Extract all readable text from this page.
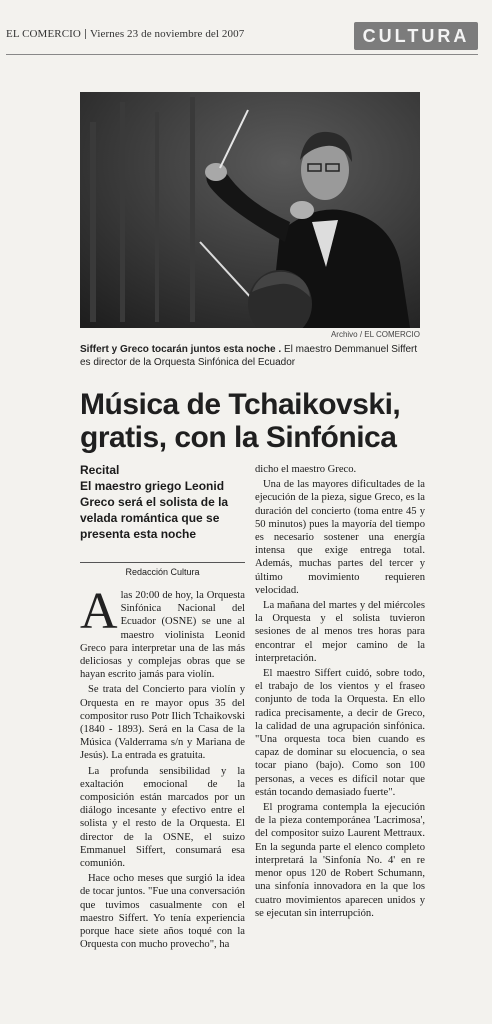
EL COMERCIO Viernes 23 de noviembre del 2007	CULTURA
Archivo / EL COMERCIO
Siffert y Greco tocarán juntos esta noche . El maestro Demmanuel Siffert es director de la Orquesta Sinfónica del Ecuador
Música de Tchaikovski, gratis, con la Sinfónica
Recital
El maestro griego Leonid Greco será el solista de la velada romántica que se presenta esta noche
Redacción Cultura

Alas 20:00 de hoy, la Orquesta Sinfónica Nacional del Ecuador (OSNE) se une al maestro violinista Leonid Greco para interpretar una de las más deliciosas y complejas obras que se hayan escrito jamás para violín.

Se trata del Concierto para violín y Orquesta en re mayor opus 35 del compositor ruso Potr Ilich Tchaikovski (1840 - 1893). Será en la Casa de la Música (Valderrama s/n y Mariana de Jesús). La entrada es gratuita.

La profunda sensibilidad y la exaltación emocional de la composición están marcados por un diálogo incesante y efectivo entre el solista y el resto de la Orquesta. El director de la OSNE, el suizo Emmanuel Siffert, consumará esa comunión.

Hace ocho meses que surgió la idea de tocar juntos. "Fue una conversación que tuvimos casualmente con el maestro Siffert. Yo tenía experiencia porque hace siete años toqué con la Orquesta con mucho provecho", ha

dicho el maestro Greco.

Una de las mayores dificultades de la ejecución de la pieza, sigue Greco, es la duración del concierto (toma entre 45 y 50 minutos) pues la mayoría del tiempo es necesario sostener una energía intensa que exige entrega total. Además, muchas partes del tercer y último movimiento requieren velocidad.

La mañana del martes y del miércoles la Orquesta y el solista tuvieron sesiones de al menos tres horas para encontrar el mejor camino de la interpretación.

El maestro Siffert cuidó, sobre todo, el trabajo de los vientos y el fraseo conjunto de toda la Orquesta. En ello radica precisamente, a decir de Greco, la calidad de una agrupación sinfónica. "Una orquesta toca bien cuando es capaz de dominar su elocuencia, o sea tocar piano (bajo). Como son 100 personas, a veces es difícil notar que están tocando demasiado fuerte".

El programa contempla la ejecución de la pieza contemporánea 'Lacrimosa', del compositor suizo Laurent Mettraux. En la segunda parte el elenco completo interpretará la 'Sinfonía No. 4' en re menor opus 120 de Robert Schumann, una sinfonía innovadora en la que los cuatro movimientos aparecen unidos y se ejecutan sin interrupción.
